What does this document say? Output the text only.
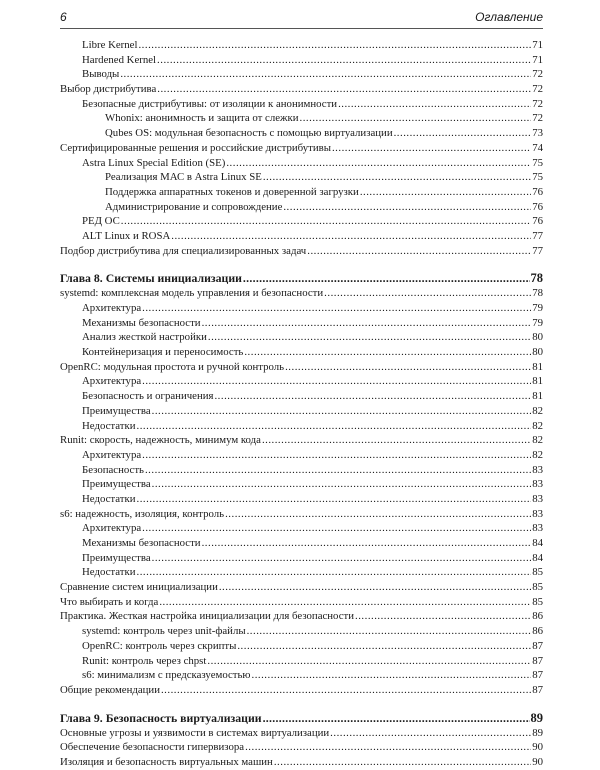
6	Оглавление
Libre Kernel .....	71
Hardened Kernel .....	71
Выводы .....	72
Выбор дистрибутива .....	72
Безопасные дистрибутивы: от изоляции к анонимности .....	72
Whonix: анонимность и защита от слежки .....	72
Qubes OS: модульная безопасность с помощью виртуализации .....	73
Сертифицированные решения и российские дистрибутивы .....	74
Astra Linux Special Edition (SE) .....	75
Реализация МАС в Astra Linux SE .....	75
Поддержка аппаратных токенов и доверенной загрузки .....	76
Администрирование и сопровождение .....	76
РЕД ОС .....	76
ALT Linux и ROSA .....	77
Подбор дистрибутива для специализированных задач .....	77
Глава 8. Системы инициализации .....	78
systemd: комплексная модель управления и безопасности .....	78
Архитектура .....	79
Механизмы безопасности .....	79
Анализ жесткой настройки .....	80
Контейнеризация и переносимость .....	80
OpenRC: модульная простота и ручной контроль .....	81
Архитектура .....	81
Безопасность и ограничения .....	81
Преимущества .....	82
Недостатки .....	82
Runit: скорость, надежность, минимум кода .....	82
Архитектура .....	82
Безопасность .....	83
Преимущества .....	83
Недостатки .....	83
s6: надежность, изоляция, контроль .....	83
Архитектура .....	83
Механизмы безопасности .....	84
Преимущества .....	84
Недостатки .....	85
Сравнение систем инициализации .....	85
Что выбирать и когда .....	85
Практика. Жесткая настройка инициализации для безопасности .....	86
systemd: контроль через unit-файлы .....	86
OpenRC: контроль через скрипты .....	87
Runit: контроль через chpst .....	87
s6: минимализм с предсказуемостью .....	87
Общие рекомендации .....	87
Глава 9. Безопасность виртуализации .....	89
Основные угрозы и уязвимости в системах виртуализации .....	89
Обеспечение безопасности гипервизора .....	90
Изоляция и безопасность виртуальных машин .....	90
